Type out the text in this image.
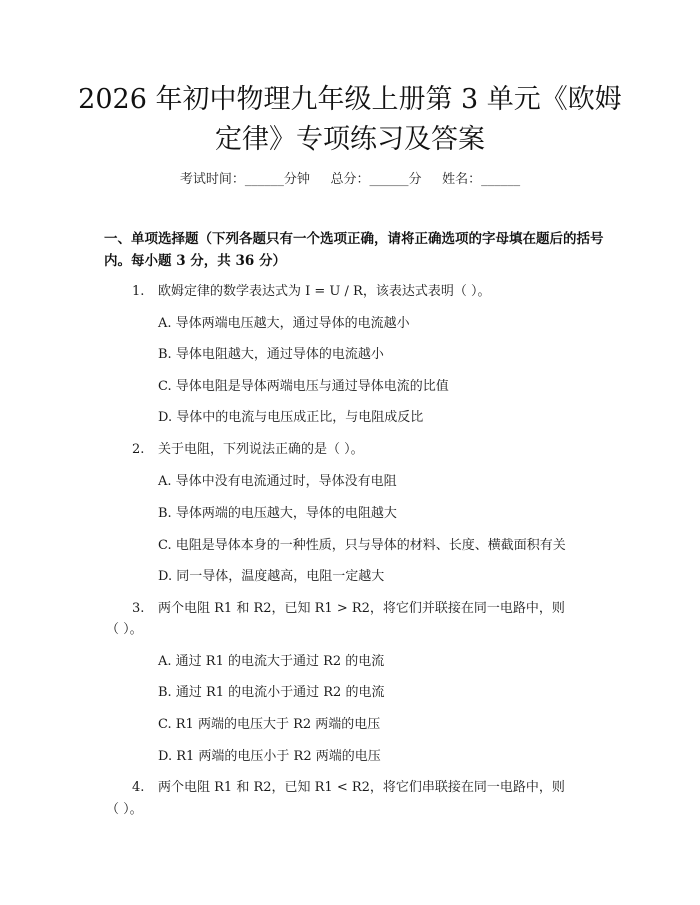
2026 年初中物理九年级上册第 3 单元《欧姆
定律》专项练习及答案
考试时间：______分钟     总分：______分     姓名：______
一、单项选择题（下列各题只有一个选项正确，请将正确选项的字母填在题后的括号内。每小题 3 分，共 36 分）
1. 欧姆定律的数学表达式为 I = U / R，该表达式表明（ ）。
A. 导体两端电压越大，通过导体的电流越小
B. 导体电阻越大，通过导体的电流越小
C. 导体电阻是导体两端电压与通过导体电流的比值
D. 导体中的电流与电压成正比，与电阻成反比
2. 关于电阻，下列说法正确的是（ ）。
A. 导体中没有电流通过时，导体没有电阻
B. 导体两端的电压越大，导体的电阻越大
C. 电阻是导体本身的一种性质，只与导体的材料、长度、横截面积有关
D. 同一导体，温度越高，电阻一定越大
3. 两个电阻 R1 和 R2，已知 R1 > R2，将它们并联接在同一电路中，则
（ ）。
A. 通过 R1 的电流大于通过 R2 的电流
B. 通过 R1 的电流小于通过 R2 的电流
C. R1 两端的电压大于 R2 两端的电压
D. R1 两端的电压小于 R2 两端的电压
4. 两个电阻 R1 和 R2，已知 R1 < R2，将它们串联接在同一电路中，则
（ ）。
